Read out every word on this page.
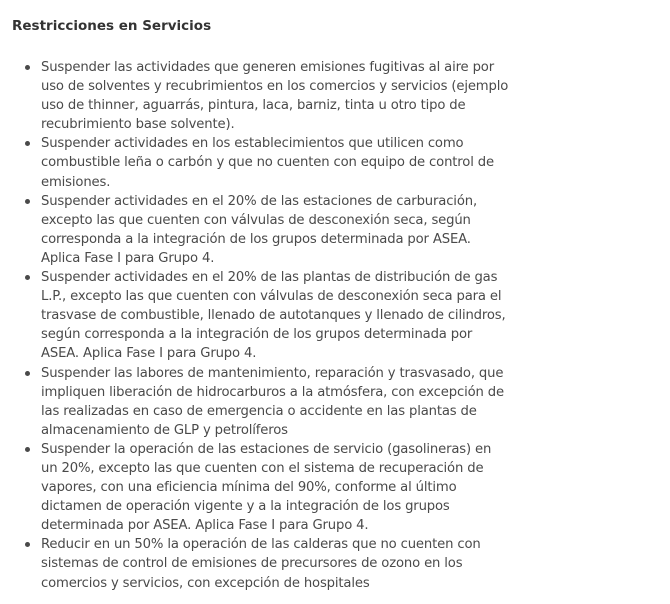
Restricciones en Servicios
Suspender las actividades que generen emisiones fugitivas al aire por uso de solventes y recubrimientos en los comercios y servicios (ejemplo uso de thinner, aguarrás, pintura, laca, barniz, tinta u otro tipo de recubrimiento base solvente).
Suspender actividades en los establecimientos que utilicen como combustible leña o carbón y que no cuenten con equipo de control de emisiones.
Suspender actividades en el 20% de las estaciones de carburación, excepto las que cuenten con válvulas de desconexión seca, según corresponda a la integración de los grupos determinada por ASEA. Aplica Fase I para Grupo 4.
Suspender actividades en el 20% de las plantas de distribución de gas L.P., excepto las que cuenten con válvulas de desconexión seca para el trasvase de combustible, llenado de autotanques y llenado de cilindros, según corresponda a la integración de los grupos determinada por ASEA. Aplica Fase I para Grupo 4.
Suspender las labores de mantenimiento, reparación y trasvasado, que impliquen liberación de hidrocarburos a la atmósfera, con excepción de las realizadas en caso de emergencia o accidente en las plantas de almacenamiento de GLP y petrolíferos
Suspender la operación de las estaciones de servicio (gasolineras) en un 20%, excepto las que cuenten con el sistema de recuperación de vapores, con una eficiencia mínima del 90%, conforme al último dictamen de operación vigente y a la integración de los grupos determinada por ASEA. Aplica Fase I para Grupo 4.
Reducir en un 50% la operación de las calderas que no cuenten con sistemas de control de emisiones de precursores de ozono en los comercios y servicios, con excepción de hospitales
